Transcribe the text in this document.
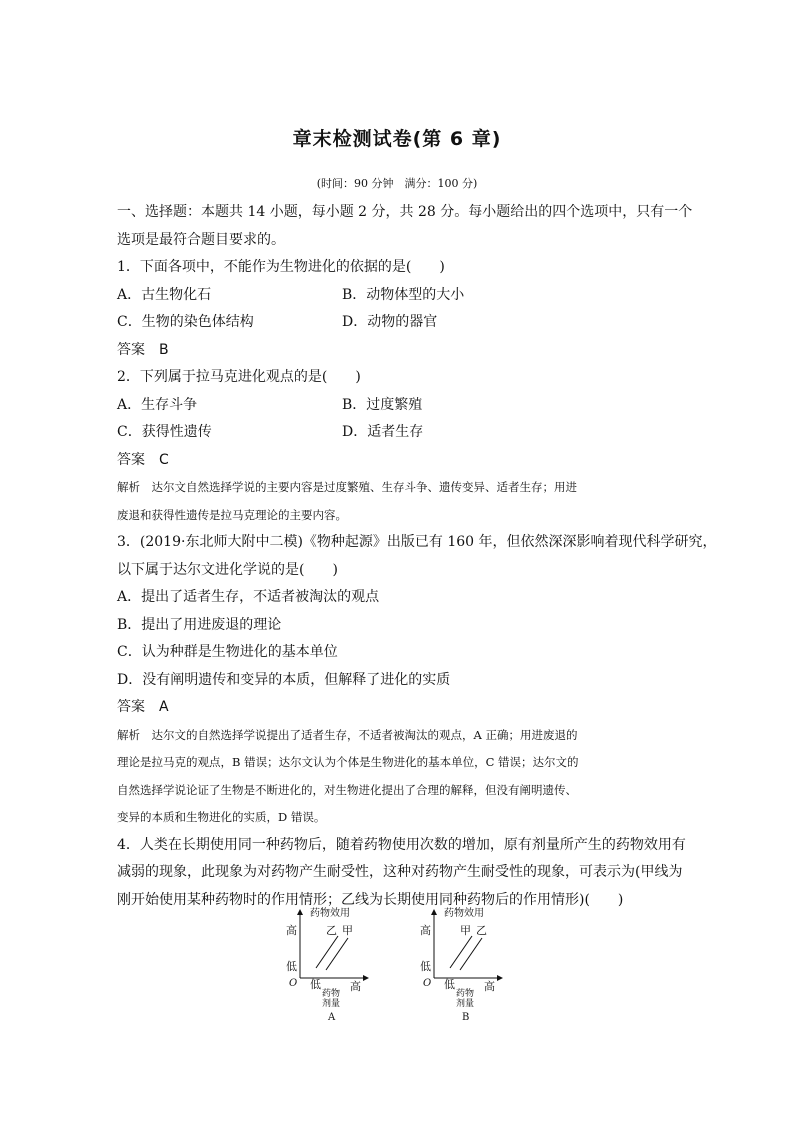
章末检测试卷(第 6 章)
(时间：90 分钟　满分：100 分)
一、选择题：本题共 14 小题，每小题 2 分，共 28 分。每小题给出的四个选项中，只有一个
选项是最符合题目要求的。
1．下面各项中，不能作为生物进化的依据的是(　　)
A．古生物化石	B．动物体型的大小
C．生物的染色体结构	D．动物的器官
答案　B
2．下列属于拉马克进化观点的是(　　)
A．生存斗争	B．过度繁殖
C．获得性遗传	D．适者生存
答案　C
解析　达尔文自然选择学说的主要内容是过度繁殖、生存斗争、遗传变异、适者生存；用进
废退和获得性遗传是拉马克理论的主要内容。
3．(2019·东北师大附中二模)《物种起源》出版已有 160 年，但依然深深影响着现代科学研究，
以下属于达尔文进化学说的是(　　)
A．提出了适者生存，不适者被淘汰的观点
B．提出了用进废退的理论
C．认为种群是生物进化的基本单位
D．没有阐明遗传和变异的本质，但解释了进化的实质
答案　A
解析　达尔文的自然选择学说提出了适者生存，不适者被淘汰的观点，A 正确；用进废退的
理论是拉马克的观点，B 错误；达尔文认为个体是生物进化的基本单位，C 错误；达尔文的
自然选择学说论证了生物是不断进化的，对生物进化提出了合理的解释，但没有阐明遗传、
变异的本质和生物进化的实质，D 错误。
4．人类在长期使用同一种药物后，随着药物使用次数的增加，原有剂量所产生的药物效用有
减弱的现象，此现象为对药物产生耐受性，这种对药物产生耐受性的现象，可表示为(甲线为
刚开始使用某种药物时的作用情形；乙线为长期使用同种药物后的作用情形)(　　)
药物效用
高
低
O 低	高
药物
剂量
乙 甲
A
药物效用
高
低
O 低	高
药物
剂量
甲 乙
B
